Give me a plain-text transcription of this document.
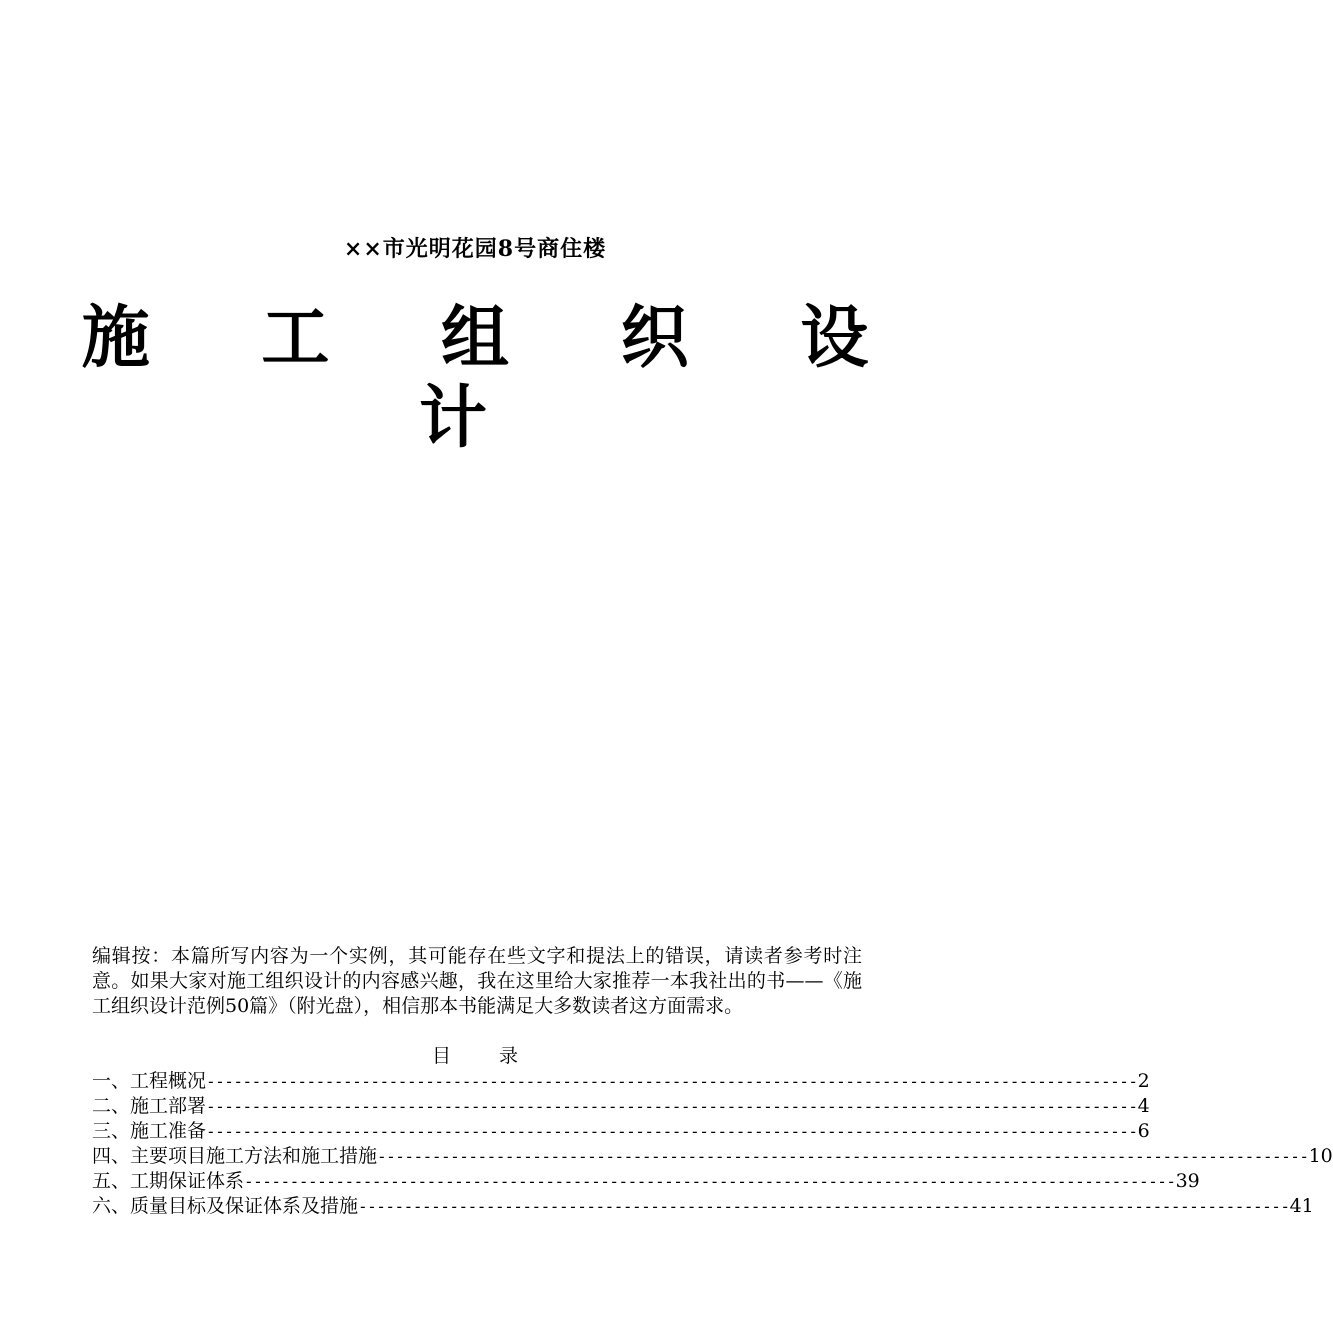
××市光明花园8号商住楼
施 工 组 织 设 计
编辑按：本篇所写内容为一个实例，其可能存在些文字和提法上的错误，请读者参考时注意。如果大家对施工组织设计的内容感兴趣，我在这里给大家推荐一本我社出的书——《施工组织设计范例50篇》（附光盘），相信那本书能满足大多数读者这方面需求。
目	录
一、工程概况 ------------------------------------------------------------------------------------------------------ 2
二、施工部署 ------------------------------------------------------------------------------------------------------ 4
三、施工准备 ------------------------------------------------------------------------------------------------------ 6
四、主要项目施工方法和施工措施 ------------------------------------------------------------------------------------------------------ 10
五、工期保证体系 ------------------------------------------------------------------------------------------------------ 39
六、质量目标及保证体系及措施 ------------------------------------------------------------------------------------------------------ 41
